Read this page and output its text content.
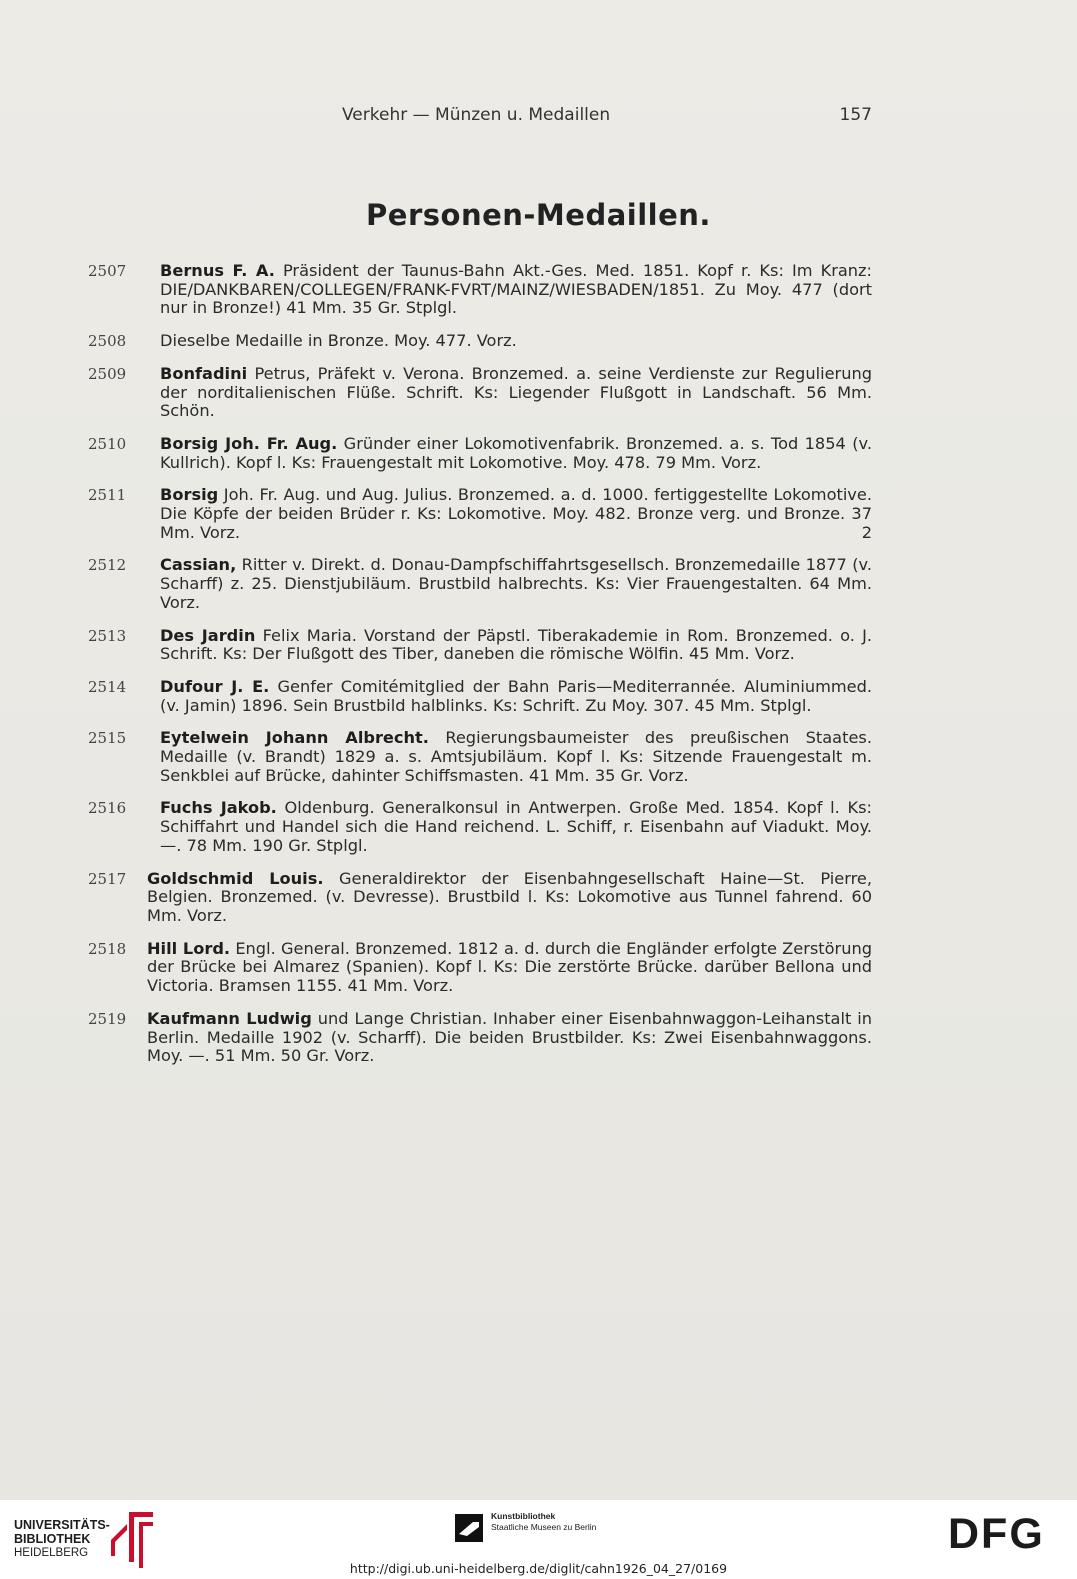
Verkehr — Münzen u. Medaillen	157
Personen-Medaillen.
2507 Bernus F. A. Präsident der Taunus-Bahn Akt.-Ges. Med. 1851. Kopf r. Ks: Im Kranz: DIE/DANKBAREN/COLLEGEN/FRANK-FVRT/MAINZ/WIESBADEN/1851. Zu Moy. 477 (dort nur in Bronze!) 41 Mm. 35 Gr. Stplgl.
2508 Dieselbe Medaille in Bronze. Moy. 477. Vorz.
2509 Bonfadini Petrus, Präfekt v. Verona. Bronzemed. a. seine Verdienste zur Regulierung der norditalienischen Flüße. Schrift. Ks: Liegender Flußgott in Landschaft. 56 Mm. Schön.
2510 Borsig Joh. Fr. Aug. Gründer einer Lokomotivenfabrik. Bronzemed. a. s. Tod 1854 (v. Kullrich). Kopf l. Ks: Frauengestalt mit Lokomotive. Moy. 478. 79 Mm. Vorz.
2511 Borsig Joh. Fr. Aug. und Aug. Julius. Bronzemed. a. d. 1000. fertiggestellte Lokomotive. Die Köpfe der beiden Brüder r. Ks: Lokomotive. Moy. 482. Bronze verg. und Bronze. 37 Mm. Vorz.	2
2512 Cassian, Ritter v. Direkt. d. Donau-Dampfschiffahrtsgesellsch. Bronzemedaille 1877 (v. Scharff) z. 25. Dienstjubiläum. Brustbild halbrechts. Ks: Vier Frauengestalten. 64 Mm. Vorz.
2513 Des Jardin Felix Maria. Vorstand der Päpstl. Tiberakademie in Rom. Bronzemed. o. J. Schrift. Ks: Der Flußgott des Tiber, daneben die römische Wölfin. 45 Mm. Vorz.
2514 Dufour J. E. Genfer Comitémitglied der Bahn Paris—Mediterrannée. Aluminiummed. (v. Jamin) 1896. Sein Brustbild halblinks. Ks: Schrift. Zu Moy. 307. 45 Mm. Stplgl.
2515 Eytelwein Johann Albrecht. Regierungsbaumeister des preußischen Staates. Medaille (v. Brandt) 1829 a. s. Amtsjubiläum. Kopf l. Ks: Sitzende Frauengestalt m. Senkblei auf Brücke, dahinter Schiffsmasten. 41 Mm. 35 Gr. Vorz.
2516 Fuchs Jakob. Oldenburg. Generalkonsul in Antwerpen. Große Med. 1854. Kopf l. Ks: Schiffahrt und Handel sich die Hand reichend. L. Schiff, r. Eisenbahn auf Viadukt. Moy. —. 78 Mm. 190 Gr. Stplgl.
2517 Goldschmid Louis. Generaldirektor der Eisenbahngesellschaft Haine—St. Pierre, Belgien. Bronzemed. (v. Devresse). Brustbild l. Ks: Lokomotive aus Tunnel fahrend. 60 Mm. Vorz.
2518 Hill Lord. Engl. General. Bronzemed. 1812 a. d. durch die Engländer erfolgte Zerstörung der Brücke bei Almarez (Spanien). Kopf l. Ks: Die zerstörte Brücke. darüber Bellona und Victoria. Bramsen 1155. 41 Mm. Vorz.
2519 Kaufmann Ludwig und Lange Christian. Inhaber einer Eisenbahnwaggon-Leihanstalt in Berlin. Medaille 1902 (v. Scharff). Die beiden Brustbilder. Ks: Zwei Eisenbahnwaggons. Moy. —. 51 Mm. 50 Gr. Vorz.
UNIVERSITÄTS-
BIBLIOTHEK
HEIDELBERG
Kunstbibliothek
Staatliche Museen zu Berlin	DFG
http://digi.ub.uni-heidelberg.de/diglit/cahn1926_04_27/0169
